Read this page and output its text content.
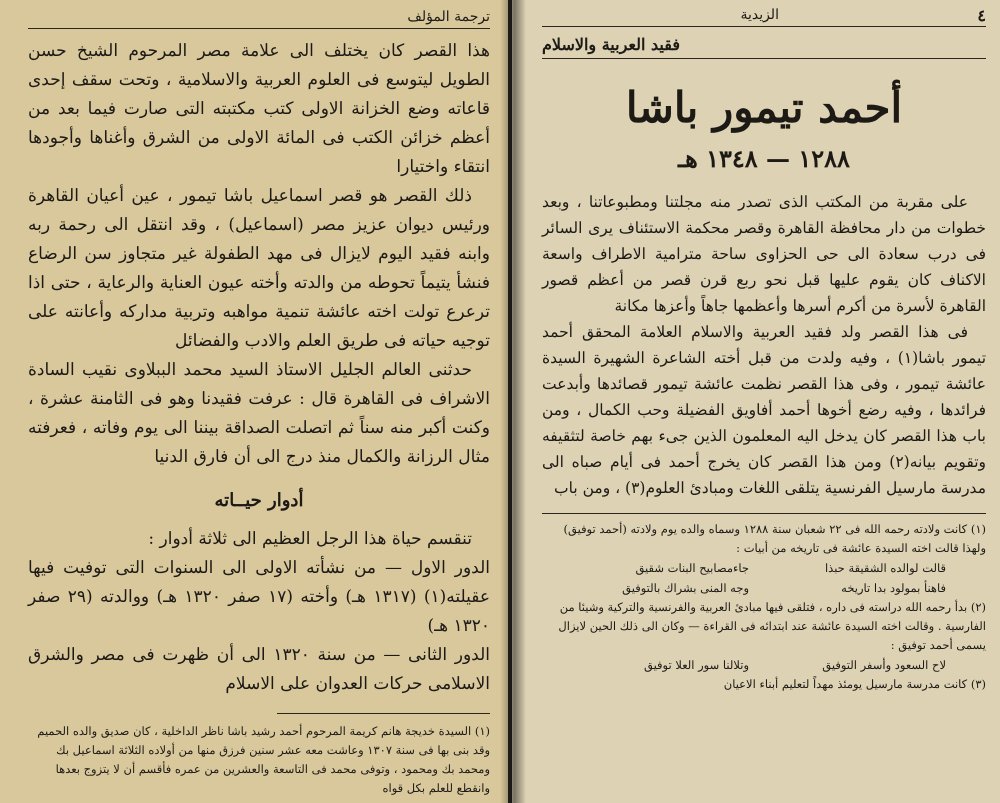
ترجمة المؤلف

هذا القصر كان يختلف الى علامة مصر المرحوم الشيخ حسن الطويل ليتوسع فى العلوم العربية والاسلامية ، وتحت سقف إحدى قاعاته وضع الخزانة الاولى كتب مكتبته التى صارت فيما بعد من أعظم خزائن الكتب فى المائة الاولى من الشرق وأغناها وأجودها انتقاء واختيارا

ذلك القصر هو قصر اسماعيل باشا تيمور ، عين أعيان القاهرة ورئيس ديوان عزيز مصر (اسماعيل) ، وقد انتقل الى رحمة ربه وابنه فقيد اليوم لايزال فى مهد الطفولة غير متجاوز سن الرضاع فنشأ يتيماً تحوطه من والدته وأخته عيون العناية والرعاية ، حتى اذا ترعرع تولت اخته عائشة تنمية مواهبه وتربية مداركه وأعانته على توجيه حياته فى طريق العلم والادب والفضائل

حدثنى العالم الجليل الاستاذ السيد محمد الببلاوى نقيب السادة الاشراف فى القاهرة قال : عرفت فقيدنا وهو فى الثامنة عشرة ، وكنت أكبر منه سناً ثم اتصلت الصداقة بيننا الى يوم وفاته ، فعرفته مثال الرزانة والكمال منذ درج الى أن فارق الدنيا

أدوار حيــاته

تنقسم حياة هذا الرجل العظيم الى ثلاثة أدوار :

الدور الاول — من نشأته الاولى الى السنوات التى توفيت فيها عقيلته(١) (١٣١٧ هـ) وأخته (١٧ صفر ١٣٢٠ هـ) ووالدته (٢٩ صفر ١٣٢٠ هـ)

الدور الثانى — من سنة ١٣٢٠ الى أن ظهرت فى مصر والشرق الاسلامى حركات العدوان على الاسلام

(١) السيدة خديجة هانم كريمة المرحوم أحمد رشيد باشا ناظر الداخلية ، كان صديق والده الحميم وقد بنى بها فى سنة ١٣٠٧ وعاشت معه عشر سنين فرزق منها من أولاده الثلاثة اسماعيل بك ومحمد بك ومحمود ، وتوفى محمد فى التاسعة والعشرين من عمره فأقسم أن لا يتزوج بعدها وانقطع للعلم بكل قواه

٤
الزيدية
فقيد العربية والاسلام
أحمد تيمور باشا
١٢٨٨ — ١٣٤٨ هـ

على مقربة من المكتب الذى تصدر منه مجلتنا ومطبوعاتنا ، وبعد خطوات من دار محافظة القاهرة وقصر محكمة الاستئناف يرى السائر فى درب سعادة الى حى الحزاوى ساحة مترامية الاطراف واسعة الاكناف كان يقوم عليها قبل نحو ربع قرن قصر من أعظم قصور القاهرة لأسرة من أكرم أسرها وأعظمها جاهاً وأعزها مكانة

فى هذا القصر ولد فقيد العربية والاسلام العلامة المحقق أحمد تيمور باشا(١) ، وفيه ولدت من قبل أخته الشاعرة الشهيرة السيدة عائشة تيمور ، وفى هذا القصر نظمت عائشة تيمور قصائدها وأبدعت فرائدها ، وفيه رضع أخوها أحمد أفاويق الفضيلة وحب الكمال ، ومن باب هذا القصر كان يدخل اليه المعلمون الذين جىء بهم خاصة لتثقيفه وتقويم بيانه(٢) ومن هذا القصر كان يخرج أحمد فى أيام صباه الى مدرسة مارسيل الفرنسية يتلقى اللغات ومبادئ العلوم(٣) ، ومن باب

(١) كانت ولادته رحمه الله فى ٢٢ شعبان سنة ١٢٨٨ وسماه والده يوم ولادته (أحمد توفيق) ولهذا قالت اخته السيدة عائشة فى تاريخه من أبيات :

قالت لوالده الشقيقة حبذا
جاءمصابيح البنات شقيق
فاهنأ بمولود بدا تاريخه
وجه المنى بشراك بالتوفيق

(٢) بدأ رحمه الله دراسته فى داره ، فتلقى فيها مبادئ العربية والفرنسية والتركية وشيئا من الفارسية . وقالت اخته السيدة عائشة عند ابتدائه فى القراءة — وكان الى ذلك الحين لايزال يسمى أحمد توفيق :

لاح السعود وأسفر التوفيق
وتلالنا سور العلا توفيق

(٣) كانت مدرسة مارسيل يومئذ مهداً لتعليم أبناء الاعيان
